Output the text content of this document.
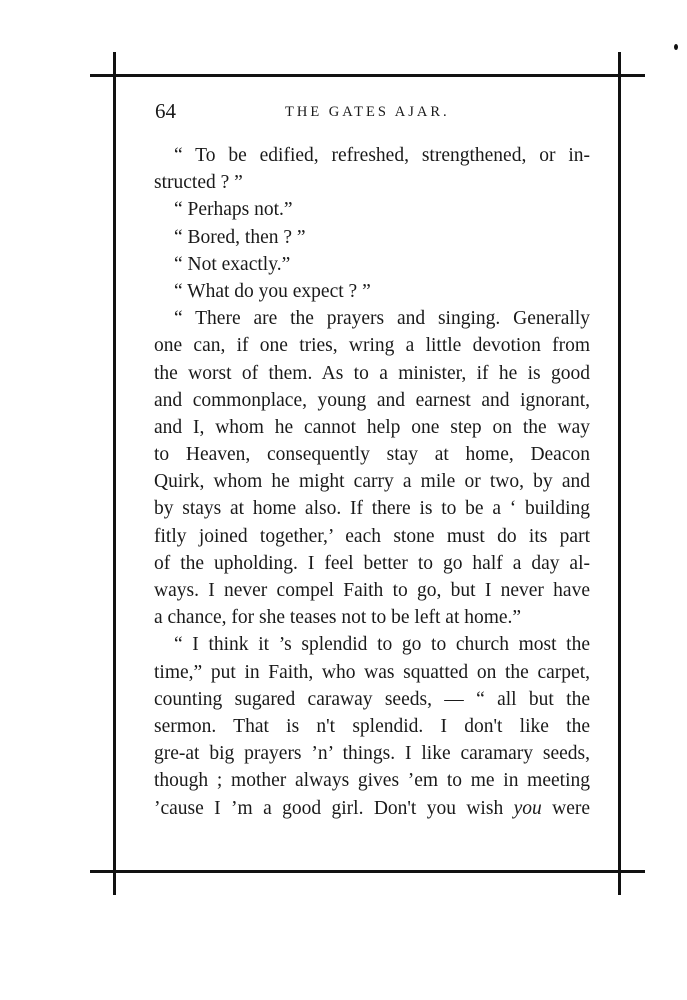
64	THE GATES AJAR.

“ To be edified, refreshed, strengthened, or in-

structed ? ”

“ Perhaps not.”

“ Bored, then ? ”

“ Not exactly.”

“ What do you expect ? ”

“ There are the prayers and singing. Generally

one can, if one tries, wring a little devotion from

the worst of them. As to a minister, if he is good

and commonplace, young and earnest and ignorant,

and I, whom he cannot help one step on the way

to Heaven, consequently stay at home, Deacon

Quirk, whom he might carry a mile or two, by and

by stays at home also. If there is to be a ‘ building

fitly joined together,’ each stone must do its part

of the upholding. I feel better to go half a day al-

ways. I never compel Faith to go, but I never have

a chance, for she teases not to be left at home.”

“ I think it ’s splendid to go to church most the

time,” put in Faith, who was squatted on the carpet,

counting sugared caraway seeds, — “ all but the

sermon. That is n't splendid. I don't like the

gre-at big prayers ’n’ things. I like caramary seeds,

though ; mother always gives ’em to me in meeting

’cause I ’m a good girl. Don't you wish you were
